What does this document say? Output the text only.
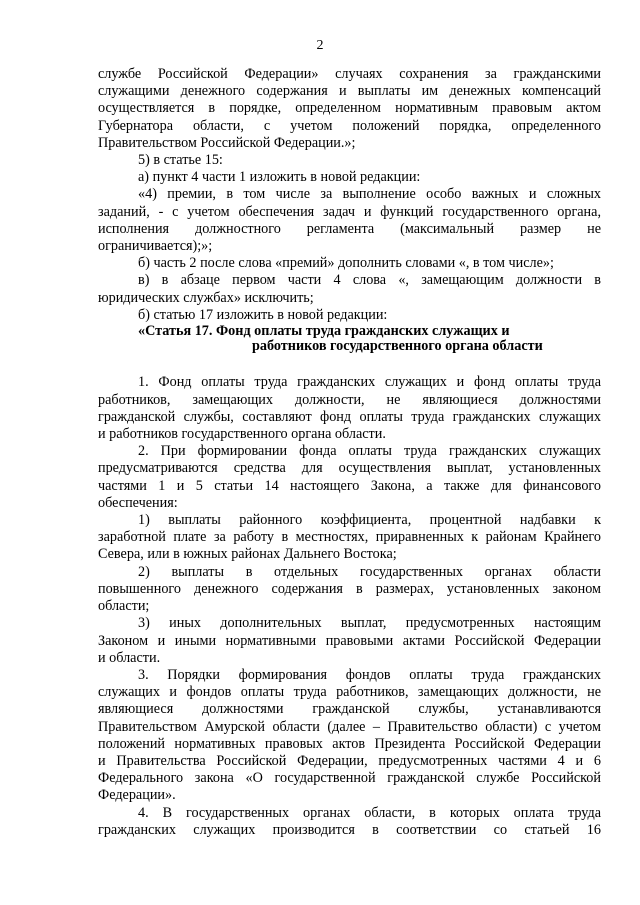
2

службе Российской Федерации» случаях сохранения за гражданскими

служащими денежного содержания и выплаты им денежных компенсаций

осуществляется в порядке, определенном нормативным правовым актом

Губернатора области, с учетом положений порядка, определенного

Правительством Российской Федерации.»;

5) в статье 15:

а) пункт 4 части 1 изложить в новой редакции:

«4) премии, в том числе за выполнение особо важных и сложных

заданий, - с учетом обеспечения задач и функций государственного органа,

исполнения должностного регламента (максимальный размер не

ограничивается);»;

б) часть 2 после слова «премий» дополнить словами «, в том числе»;

в) в абзаце первом части 4 слова «, замещающим должности в

юридических службах» исключить;

б) статью 17 изложить в новой редакции:

«Статья 17. Фонд оплаты труда гражданских служащих и
работников государственного органа области

1. Фонд оплаты труда гражданских служащих и фонд оплаты труда

работников, замещающих должности, не являющиеся должностями

гражданской службы, составляют фонд оплаты труда гражданских служащих

и работников государственного органа области.

2. При формировании фонда оплаты труда гражданских служащих

предусматриваются средства для осуществления выплат, установленных

частями 1 и 5 статьи 14 настоящего Закона, а также для финансового

обеспечения:

1) выплаты районного коэффициента, процентной надбавки к

заработной плате за работу в местностях, приравненных к районам Крайнего

Севера, или в южных районах Дальнего Востока;

2) выплаты в отдельных государственных органах области

повышенного денежного содержания в размерах, установленных законом

области;

3) иных дополнительных выплат, предусмотренных настоящим

Законом и иными нормативными правовыми актами Российской Федерации

и области.

3. Порядки формирования фондов оплаты труда гражданских

служащих и фондов оплаты труда работников, замещающих должности, не

являющиеся должностями гражданской службы, устанавливаются

Правительством Амурской области (далее – Правительство области) с учетом

положений нормативных правовых актов Президента Российской Федерации

и Правительства Российской Федерации, предусмотренных частями 4 и 6

Федерального закона «О государственной гражданской службе Российской

Федерации».

4. В государственных органах области, в которых оплата труда

гражданских служащих производится в соответствии со статьей 16
